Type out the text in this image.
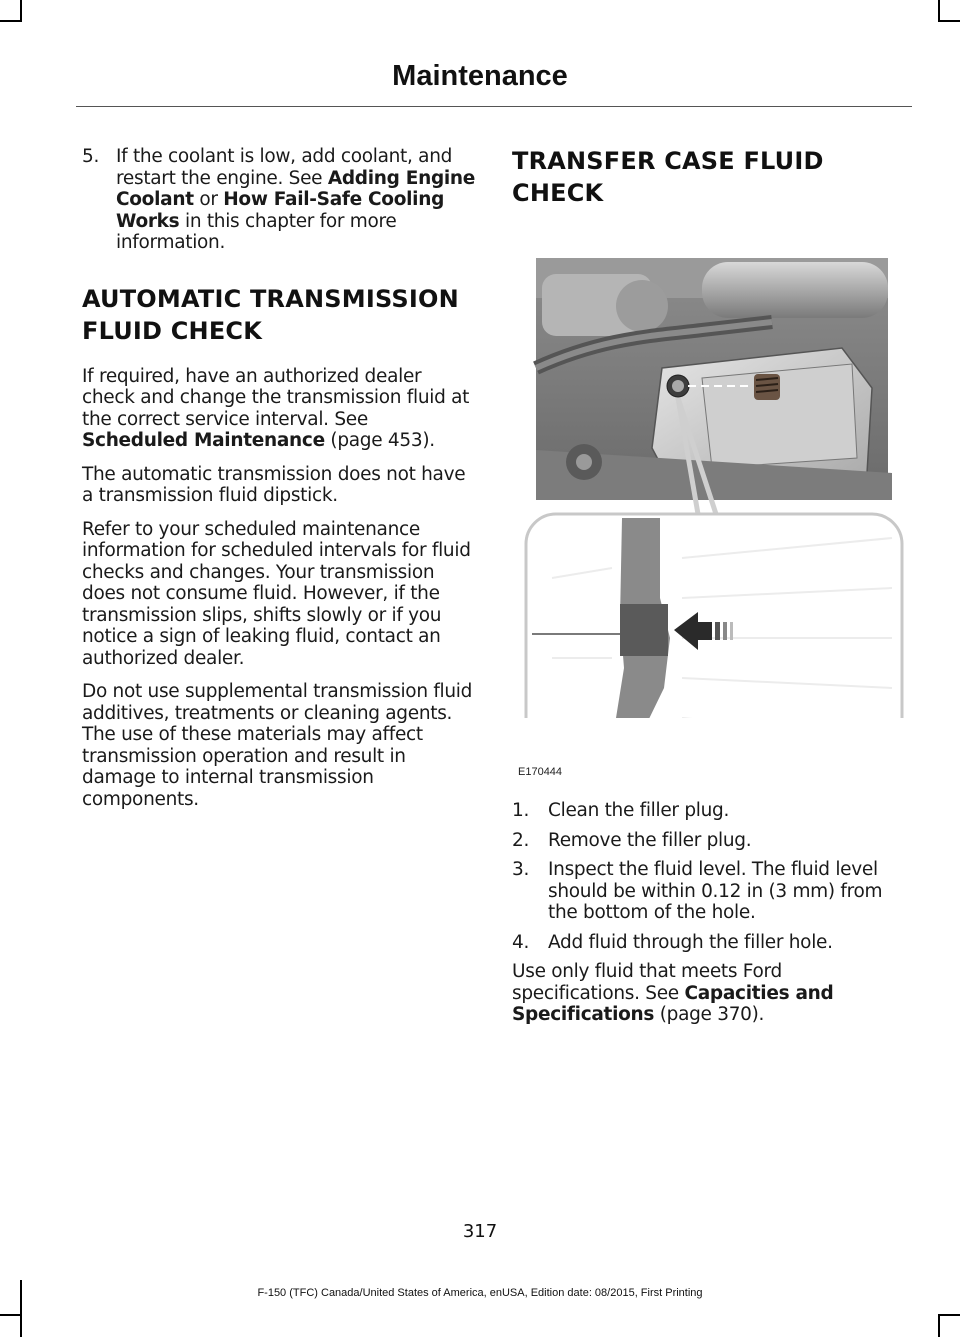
Maintenance

5. If the coolant is low, add coolant, and restart the engine. See Adding Engine Coolant or How Fail-Safe Cooling Works in this chapter for more information.

AUTOMATIC TRANSMISSION
FLUID CHECK

If required, have an authorized dealer check and change the transmission fluid at the correct service interval. See Scheduled Maintenance (page 453).

The automatic transmission does not have a transmission fluid dipstick.

Refer to your scheduled maintenance information for scheduled intervals for fluid checks and changes. Your transmission does not consume fluid. However, if the transmission slips, shifts slowly or if you notice a sign of leaking fluid, contact an authorized dealer.

Do not use supplemental transmission fluid additives, treatments or cleaning agents. The use of these materials may affect transmission operation and result in damage to internal transmission components.

TRANSFER CASE FLUID
CHECK
E170444
1.	Clean the filler plug.
2.	Remove the filler plug.
3.	Inspect the fluid level. The fluid level should be within 0.12 in (3 mm) from the bottom of the hole.
4.	Add fluid through the filler hole.

Use only fluid that meets Ford specifications. See Capacities and Specifications (page 370).

317
F-150 (TFC) Canada/United States of America, enUSA, Edition date: 08/2015, First Printing
